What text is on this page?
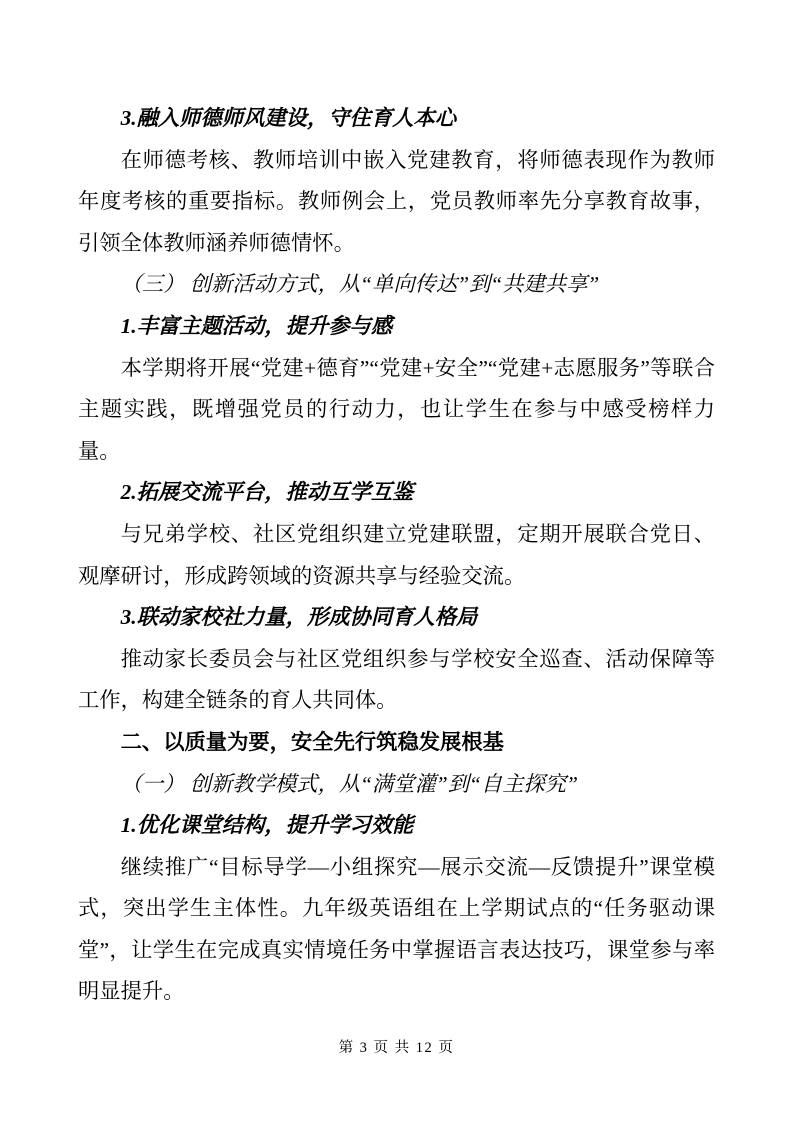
3.融入师德师风建设，守住育人本心

在师德考核、教师培训中嵌入党建教育，将师德表现作为教师年度考核的重要指标。教师例会上，党员教师率先分享教育故事，引领全体教师涵养师德情怀。

（三） 创新活动方式，从“单向传达”到“共建共享”

1.丰富主题活动，提升参与感

本学期将开展“党建+德育”“党建+安全”“党建+志愿服务”等联合主题实践，既增强党员的行动力，也让学生在参与中感受榜样力量。

2.拓展交流平台，推动互学互鉴

与兄弟学校、社区党组织建立党建联盟，定期开展联合党日、观摩研讨，形成跨领域的资源共享与经验交流。

3.联动家校社力量，形成协同育人格局

推动家长委员会与社区党组织参与学校安全巡查、活动保障等工作，构建全链条的育人共同体。

二、以质量为要，安全先行筑稳发展根基

（一） 创新教学模式，从“满堂灌”到“自主探究”

1.优化课堂结构，提升学习效能

继续推广“目标导学—小组探究—展示交流—反馈提升”课堂模式，突出学生主体性。九年级英语组在上学期试点的“任务驱动课堂”，让学生在完成真实情境任务中掌握语言表达技巧，课堂参与率明显提升。

第 3 页 共 12 页
